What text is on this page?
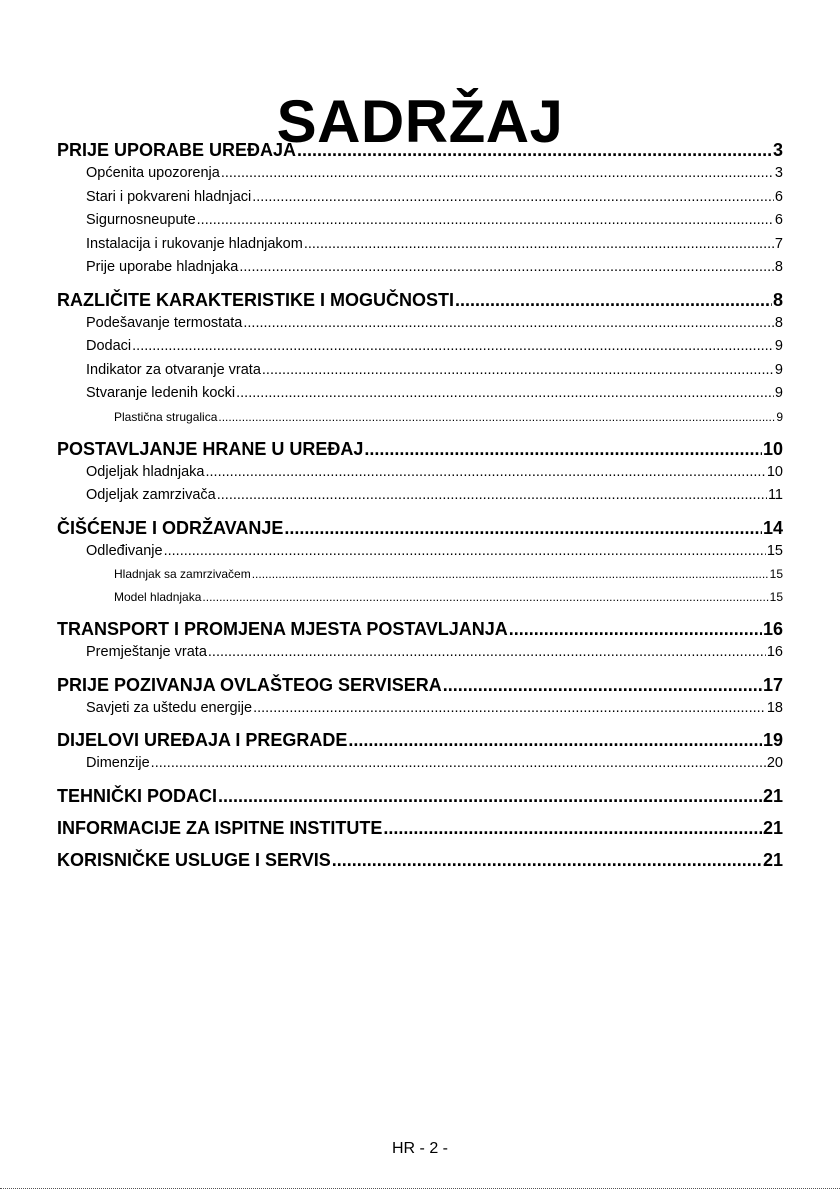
SADRŽAJ
PRIJE UPORABE UREĐAJA .....	3
Općenita upozorenja .....	3
Stari i pokvareni hladnjaci .....	6
Sigurnosneupute .....	6
Instalacija i rukovanje hladnjakom .....	7
Prije uporabe hladnjaka .....	8
RAZLIČITE KARAKTERISTIKE I MOGUČNOSTI .....	8
Podešavanje termostata .....	8
Dodaci .....	9
Indikator za otvaranje vrata .....	9
Stvaranje ledenih kocki .....	9
Plastična strugalica .....	9
POSTAVLJANJE HRANE U UREĐAJ .....	10
Odjeljak hladnjaka .....	10
Odjeljak zamrzivača .....	11
ČIŠĆENJE I ODRŽAVANJE .....	14
Odleđivanje .....	15
Hladnjak sa zamrzivačem .....	15
Model hladnjaka .....	15
TRANSPORT I PROMJENA MJESTA POSTAVLJANJA .....	16
Premještanje vrata .....	16
PRIJE POZIVANJA OVLAŠTEOG SERVISERA .....	17
Savjeti za uštedu energije .....	18
DIJELOVI UREĐAJA I PREGRADE .....	19
Dimenzije .....	20
TEHNIČKI PODACI .....	21
INFORMACIJE ZA ISPITNE INSTITUTE .....	21
KORISNIČKE USLUGE I SERVIS .....	21
HR - 2 -
